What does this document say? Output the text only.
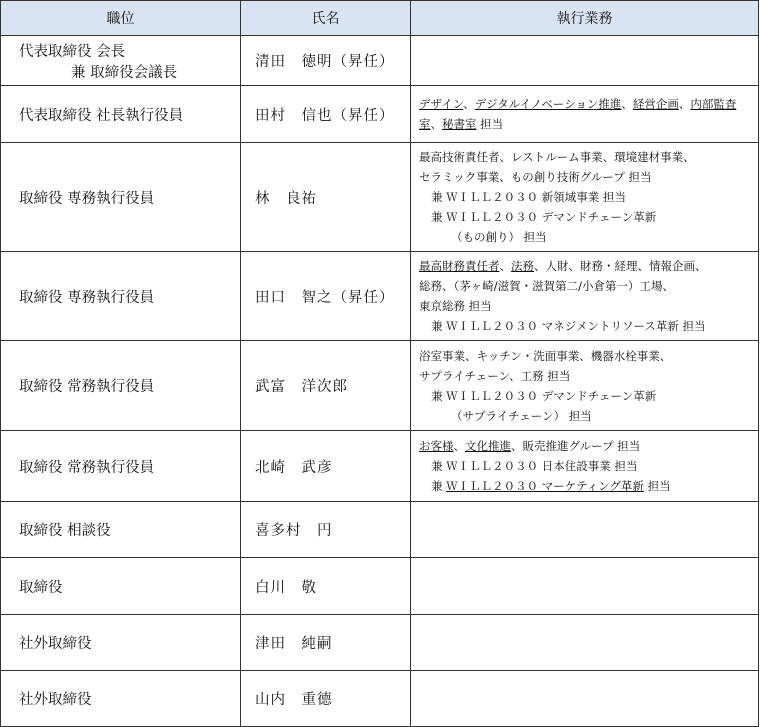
職位	氏名	執行業務

代表取締役 会長
兼 取締役会議長	清田　徳明（昇任）	
代表取締役 社長執行役員	田村　信也（昇任）	デザイン、デジタルイノベーション推進、経営企画、内部監査室、秘書室 担当
取締役 専務執行役員	林　良祐	最高技術責任者、レストルーム事業、環境建材事業、
セラミック事業、もの創り技術グループ 担当
兼 ＷＩＬＬ２０３０ 新領域事業 担当
兼 ＷＩＬＬ２０３０ デマンドチェーン革新
（もの創り） 担当

取締役 専務執行役員	田口　智之（昇任）	最高財務責任者、法務、人財、財務・経理、情報企画、
総務、（茅ヶ崎/滋賀・滋賀第二/小倉第一）工場、
東京総務 担当
兼 ＷＩＬＬ２０３０ マネジメントリソース革新 担当

取締役 常務執行役員	武富　洋次郎	浴室事業、キッチン・洗面事業、機器水栓事業、
サプライチェーン、工務 担当
兼 ＷＩＬＬ２０３０ デマンドチェーン革新
（サプライチェーン） 担当

取締役 常務執行役員	北崎　武彦	お客様、文化推進、販売推進グループ 担当
兼 ＷＩＬＬ２０３０ 日本住設事業 担当
兼 ＷＩＬＬ２０３０ マーケティング革新 担当

取締役 相談役	喜多村　円	
取締役	白川　敬	
社外取締役	津田　純嗣	
社外取締役	山内　重德	
